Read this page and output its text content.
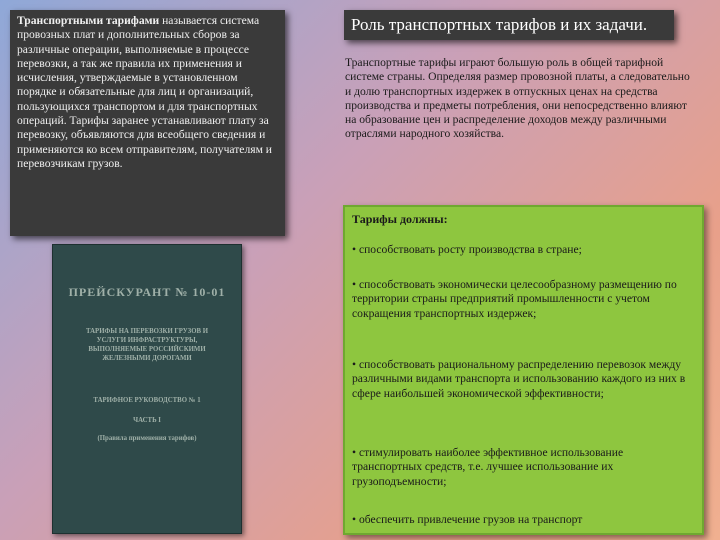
Транспортными тарифами называется система провозных плат и дополнительных сборов за различные операции, выполняемые в процессе перевозки, а так же правила их применения и исчисления, утверждаемые в установленном порядке и обязательные для лиц и организаций, пользующихся транспортом и для транспортных операций. Тарифы заранее устанавливают плату за перевозку, объявляются для всеобщего сведения и применяются ко всем отправителям, получателям и перевозчикам грузов.
ПРЕЙСКУРАНТ № 10-01
ТАРИФЫ НА ПЕРЕВОЗКИ ГРУЗОВ И УСЛУГИ ИНФРАСТРУКТУРЫ, ВЫПОЛНЯЕМЫЕ РОССИЙСКИМИ ЖЕЛЕЗНЫМИ ДОРОГАМИ
ТАРИФНОЕ РУКОВОДСТВО № 1
ЧАСТЬ I
(Правила применения тарифов)
Роль транспортных тарифов и их задачи.
Транспортные тарифы играют большую роль в общей тарифной системе страны. Определяя размер провозной платы, а следовательно и долю транспортных издержек в отпускных ценах на средства производства и предметы потребления, они непосредственно влияют на образование цен и распределение доходов между различными отраслями народного хозяйства.
Тарифы должны:
• способствовать росту производства в стране;
• способствовать экономически целесообразному размещению по территории страны предприятий промышленности с учетом сокращения транспортных издержек;
• способствовать рациональному распределению перевозок между различными видами транспорта и использованию каждого из них в сфере наибольшей экономической эффективности;
• стимулировать наиболее эффективное использование транспортных средств, т.е. лучшее использование их грузоподъемности;
• обеспечить привлечение грузов на транспорт
